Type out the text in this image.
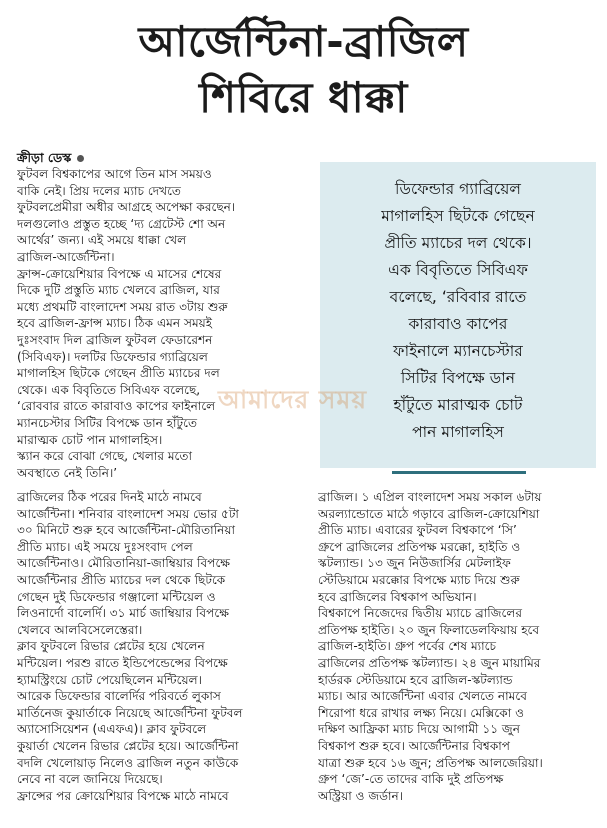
আর্জেন্টিনা-ব্রাজিল
শিবিরে ধাক্কা
ক্রীড়া ডেস্ক
ফুটবল বিশ্বকাপের আগে তিন মাস সময়ও
বাকি নেই। প্রিয় দলের ম্যাচ দেখতে
ফুটবলপ্রেমীরা অধীর আগ্রহে অপেক্ষা করছেন।
দলগুলোও প্রস্তুত হচ্ছে ‘দ্য গ্রেটেস্ট শো অন
আর্থের’ জন্য। এই সময়ে ধাক্কা খেল
ব্রাজিল-আর্জেন্টিনা।
ফ্রান্স-ক্রোয়েশিয়ার বিপক্ষে এ মাসের শেষের
দিকে দুটি প্রস্তুতি ম্যাচ খেলবে ব্রাজিল, যার
মধ্যে প্রথমটি বাংলাদেশ সময় রাত ৩টায় শুরু
হবে ব্রাজিল-ফ্রান্স ম্যাচ। ঠিক এমন সময়ই
দুঃসংবাদ দিল ব্রাজিল ফুটবল ফেডারেশন
(সিবিএফ)। দলটির ডিফেন্ডার গ্যাব্রিয়েল
মাগালহিস ছিটকে গেছেন প্রীতি ম্যাচের দল
থেকে। এক বিবৃতিতে সিবিএফ বলেছে,
‘রোববার রাতে কারাবাও কাপের ফাইনালে
ম্যানচেস্টার সিটির বিপক্ষে ডান হাঁটুতে
মারাত্মক চোট পান মাগালহিস।
স্ক্যান করে বোঝা গেছে, খেলার মতো
অবস্থাতে নেই তিনি।’
ডিফেন্ডার গ্যাব্রিয়েল
মাগালহিস ছিটকে গেছেন
প্রীতি ম্যাচের দল থেকে।
এক বিবৃতিতে সিবিএফ
বলেছে, ‘রবিবার রাতে
কারাবাও কাপের
ফাইনালে ম্যানচেস্টার
সিটির বিপক্ষে ডান
হাঁটুতে মারাত্মক চোট
পান মাগালহিস
আমাদের সময়
ব্রাজিলের ঠিক পরের দিনই মাঠে নামবে
আর্জেন্টিনা। শনিবার বাংলাদেশ সময় ভোর ৫টা
৩০ মিনিটে শুরু হবে আর্জেন্টিনা-মৌরিতানিয়া
প্রীতি ম্যাচ। এই সময়ে দুঃসংবাদ পেল
আর্জেন্টিনাও। মৌরিতানিয়া-জাম্বিয়ার বিপক্ষে
আর্জেন্টিনার প্রীতি ম্যাচের দল থেকে ছিটকে
গেছেন দুই ডিফেন্ডার গঞ্জালো মন্টিয়েল ও
লিওনার্দো বালের্দি। ৩১ মার্চ জাম্বিয়ার বিপক্ষে
খেলবে আলবিসেলেস্তেরা।
ক্লাব ফুটবলে রিভার প্লেটের হয়ে খেলেন
মন্টিয়েল। পরশু রাতে ইন্ডিপেন্ডেন্সের বিপক্ষে
হ্যামস্ট্রিংয়ে চোট পেয়েছিলেন মন্টিয়েল।
আরেক ডিফেন্ডার বালের্দির পরিবর্তে লুকাস
মার্তিনেজ কুয়ার্তাকে নিয়েছে আর্জেন্টিনা ফুটবল
অ্যাসোসিয়েশন (এএফএ)। ক্লাব ফুটবলে
কুয়ার্তা খেলেন রিভার প্লেটের হয়ে। আর্জেন্টিনা
বদলি খেলোয়াড় নিলেও ব্রাজিল নতুন কাউকে
নেবে না বলে জানিয়ে দিয়েছে।
ফ্রান্সের পর ক্রোয়েশিয়ার বিপক্ষে মাঠে নামবে
ব্রাজিল। ১ এপ্রিল বাংলাদেশ সময় সকাল ৬টায়
অরল্যান্ডোতে মাঠে গড়াবে ব্রাজিল-ক্রোয়েশিয়া
প্রীতি ম্যাচ। এবারের ফুটবল বিশ্বকাপে ‘সি’
গ্রুপে ব্রাজিলের প্রতিপক্ষ মরক্কো, হাইতি ও
স্কটল্যান্ড। ১৩ জুন নিউজার্সির মেটলাইফ
স্টেডিয়ামে মরক্কোর বিপক্ষে ম্যাচ দিয়ে শুরু
হবে ব্রাজিলের বিশ্বকাপ অভিযান।
বিশ্বকাপে নিজেদের দ্বিতীয় ম্যাচে ব্রাজিলের
প্রতিপক্ষ হাইতি। ২০ জুন ফিলাডেলফিয়ায় হবে
ব্রাজিল-হাইতি। গ্রুপ পর্বের শেষ ম্যাচে
ব্রাজিলের প্রতিপক্ষ স্কটল্যান্ড। ২৪ জুন মায়ামির
হার্ডরক স্টেডিয়ামে হবে ব্রাজিল-স্কটল্যান্ড
ম্যাচ। আর আর্জেন্টিনা এবার খেলতে নামবে
শিরোপা ধরে রাখার লক্ষ্য নিয়ে। মেক্সিকো ও
দক্ষিণ আফ্রিকা ম্যাচ দিয়ে আগামী ১১ জুন
বিশ্বকাপ শুরু হবে। আর্জেন্টিনার বিশ্বকাপ
যাত্রা শুরু হবে ১৬ জুন; প্রতিপক্ষ আলজেরিয়া।
গ্রুপ ‘জে’-তে তাদের বাকি দুই প্রতিপক্ষ
অস্ট্রিয়া ও জর্ডান।
